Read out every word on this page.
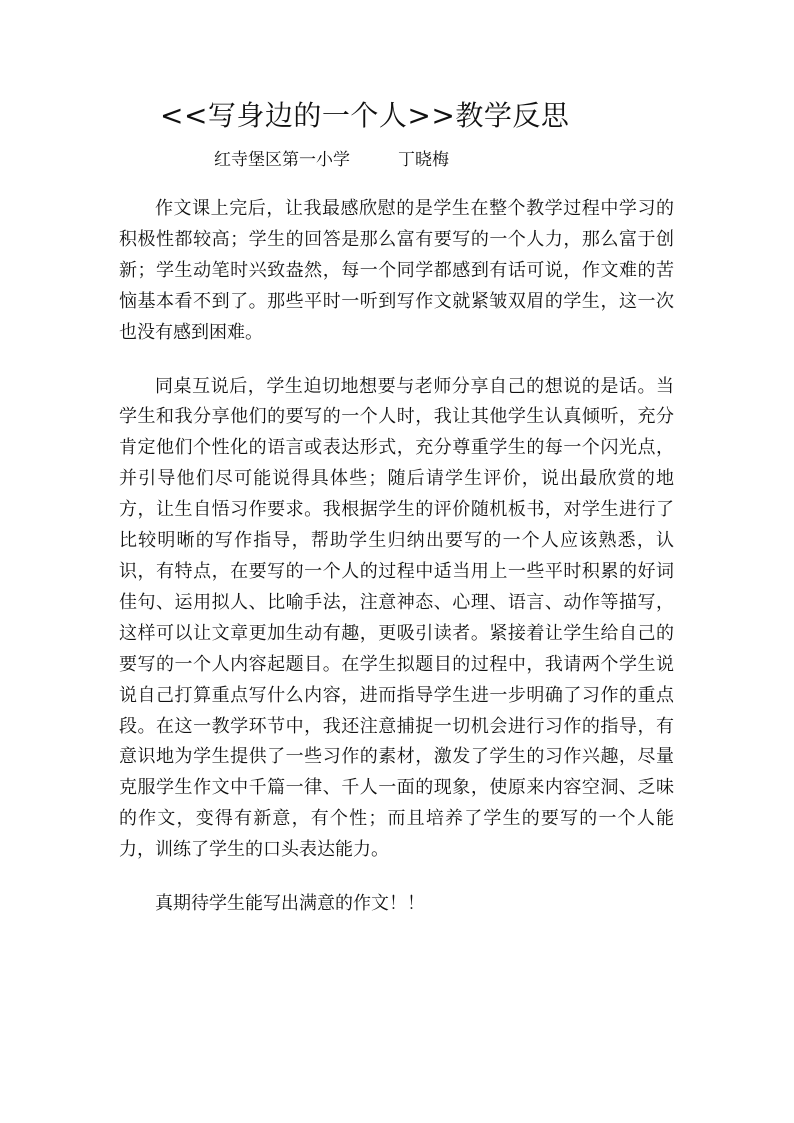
<<写身边的一个人>>教学反思
红寺堡区第一小学	丁晓梅

作文课上完后，让我最感欣慰的是学生在整个教学过程中学习的积极性都较高；学生的回答是那么富有要写的一个人力，那么富于创新；学生动笔时兴致盎然，每一个同学都感到有话可说，作文难的苦恼基本看不到了。那些平时一听到写作文就紧皱双眉的学生，这一次也没有感到困难。

同桌互说后，学生迫切地想要与老师分享自己的想说的是话。当学生和我分享他们的要写的一个人时，我让其他学生认真倾听，充分肯定他们个性化的语言或表达形式，充分尊重学生的每一个闪光点，并引导他们尽可能说得具体些；随后请学生评价，说出最欣赏的地方，让生自悟习作要求。我根据学生的评价随机板书，对学生进行了比较明晰的写作指导，帮助学生归纳出要写的一个人应该熟悉，认识，有特点，在要写的一个人的过程中适当用上一些平时积累的好词佳句、运用拟人、比喻手法，注意神态、心理、语言、动作等描写，这样可以让文章更加生动有趣，更吸引读者。紧接着让学生给自己的要写的一个人内容起题目。在学生拟题目的过程中，我请两个学生说说自己打算重点写什么内容，进而指导学生进一步明确了习作的重点段。在这一教学环节中，我还注意捕捉一切机会进行习作的指导，有意识地为学生提供了一些习作的素材，激发了学生的习作兴趣，尽量克服学生作文中千篇一律、千人一面的现象，使原来内容空洞、乏味的作文，变得有新意，有个性；而且培养了学生的要写的一个人能力，训练了学生的口头表达能力。

真期待学生能写出满意的作文！！
